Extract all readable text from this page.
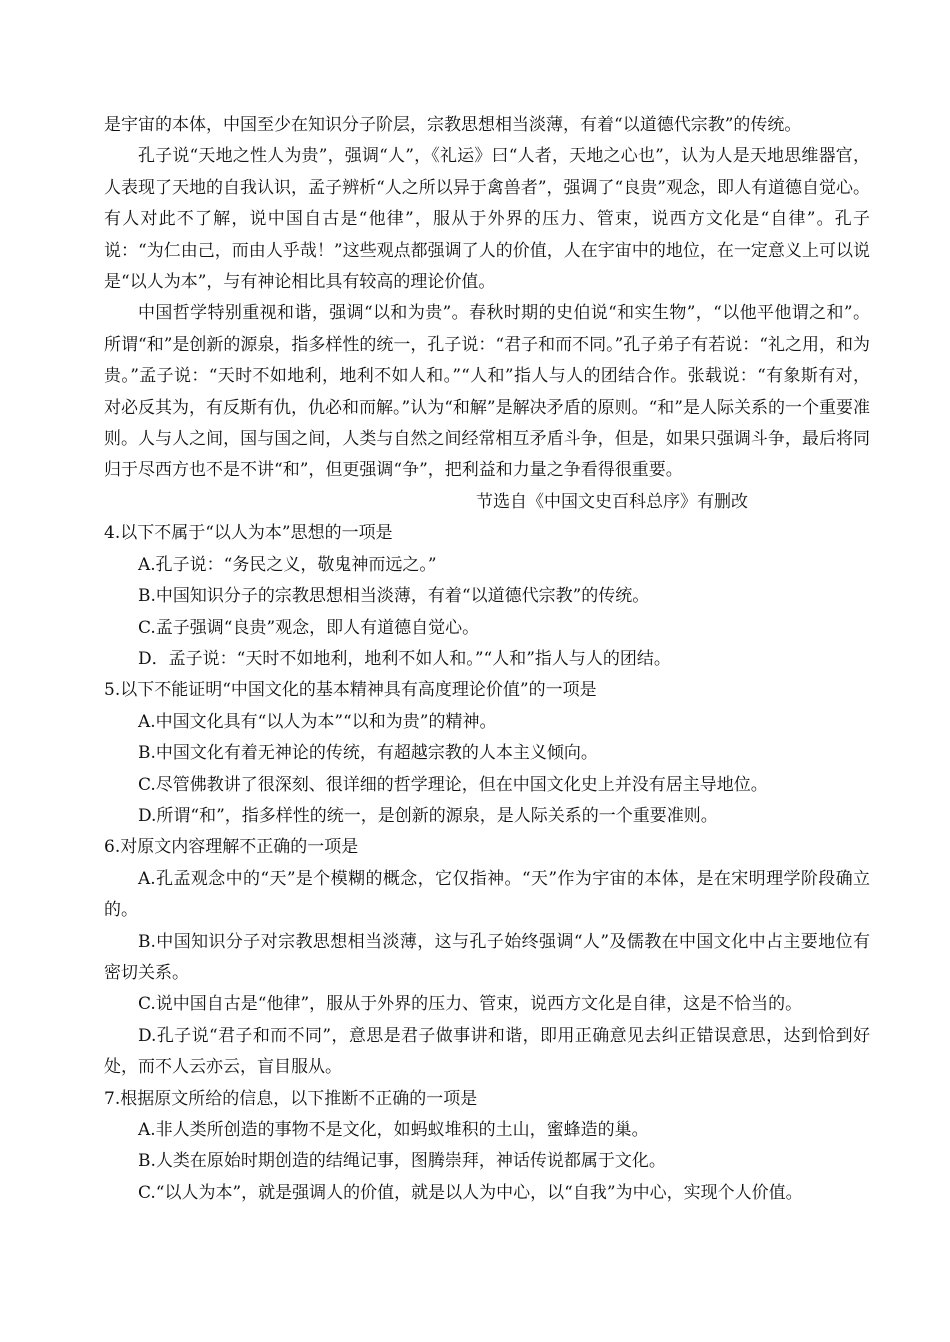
是宇宙的本体，中国至少在知识分子阶层，宗教思想相当淡薄，有着“以道德代宗教”的传统。

孔子说“天地之性人为贵”，强调“人”，《礼运》曰“人者，天地之心也”，认为人是天地思维器官，人表现了天地的自我认识，孟子辨析“人之所以异于禽兽者”，强调了“良贵”观念，即人有道德自觉心。有人对此不了解，说中国自古是“他律”，服从于外界的压力、管束，说西方文化是“自律”。孔子说：“为仁由己，而由人乎哉！”这些观点都强调了人的价值，人在宇宙中的地位，在一定意义上可以说是“以人为本”，与有神论相比具有较高的理论价值。

中国哲学特别重视和谐，强调“以和为贵”。春秋时期的史伯说“和实生物”，“以他平他谓之和”。所谓“和”是创新的源泉，指多样性的统一，孔子说：“君子和而不同。”孔子弟子有若说：“礼之用，和为贵。”孟子说：“天时不如地利，地利不如人和。”“人和”指人与人的团结合作。张载说：“有象斯有对，对必反其为，有反斯有仇，仇必和而解。”认为“和解”是解决矛盾的原则。“和”是人际关系的一个重要准则。人与人之间，国与国之间，人类与自然之间经常相互矛盾斗争，但是，如果只强调斗争，最后将同归于尽西方也不是不讲“和”，但更强调“争”，把利益和力量之争看得很重要。

节选自《中国文史百科总序》有删改

4.以下不属于“以人为本”思想的一项是

A.孔子说：“务民之义，敬鬼神而远之。”

B.中国知识分子的宗教思想相当淡薄，有着“以道德代宗教”的传统。

C.孟子强调“良贵”观念，即人有道德自觉心。

D．孟子说：“天时不如地利，地利不如人和。”“人和”指人与人的团结。

5.以下不能证明“中国文化的基本精神具有高度理论价值”的一项是

A.中国文化具有“以人为本”“以和为贵”的精神。

B.中国文化有着无神论的传统，有超越宗教的人本主义倾向。

C.尽管佛教讲了很深刻、很详细的哲学理论，但在中国文化史上并没有居主导地位。

D.所谓“和”，指多样性的统一，是创新的源泉，是人际关系的一个重要准则。

6.对原文内容理解不正确的一项是

A.孔孟观念中的“天”是个模糊的概念，它仅指神。“天”作为宇宙的本体，是在宋明理学阶段确立的。

B.中国知识分子对宗教思想相当淡薄，这与孔子始终强调“人”及儒教在中国文化中占主要地位有密切关系。

C.说中国自古是“他律”，服从于外界的压力、管束，说西方文化是自律，这是不恰当的。

D.孔子说“君子和而不同”，意思是君子做事讲和谐，即用正确意见去纠正错误意思，达到恰到好处，而不人云亦云，盲目服从。

7.根据原文所给的信息，以下推断不正确的一项是

A.非人类所创造的事物不是文化，如蚂蚁堆积的土山，蜜蜂造的巢。

B.人类在原始时期创造的结绳记事，图腾崇拜，神话传说都属于文化。

C.“以人为本”，就是强调人的价值，就是以人为中心，以“自我”为中心，实现个人价值。
